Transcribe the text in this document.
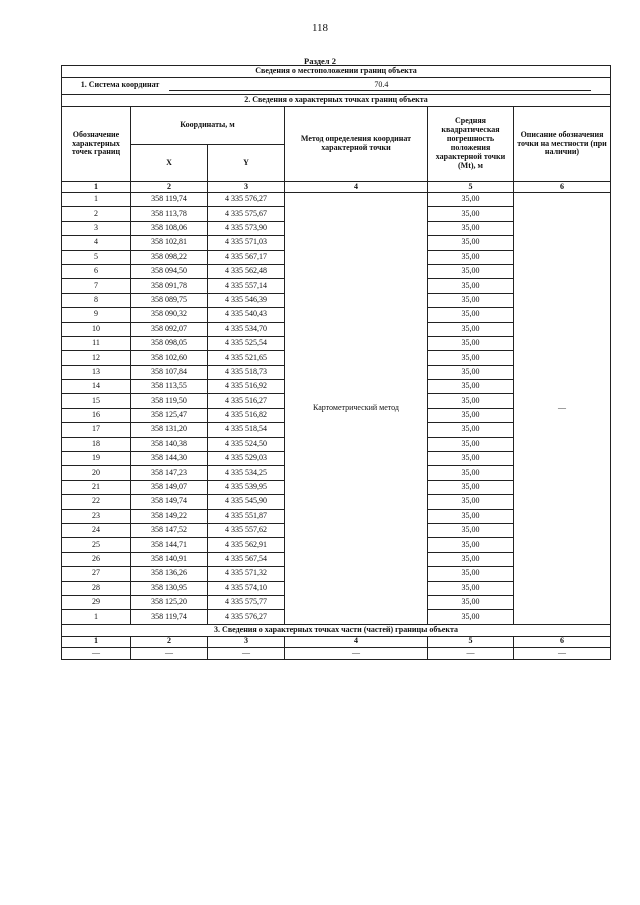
118
Раздел 2
Сведения о местоположении границ объекта					
1. Система координат 70.4					
2. Сведения о характерных точках границ объекта					
Обозначение характерных точек границ	Координаты, м		Метод определения координат характерной точки	Средняя квадратическая погрешность положения характерной точки (Mt), м	Описание обозначения точки на местности (при наличии)
	X	Y			
1	2	3	4	5	6
1	358 119,74	4 335 576,27	Картометрический метод	35,00	—
2	358 113,78	4 335 575,67		35,00	
3	358 108,06	4 335 573,90		35,00	
4	358 102,81	4 335 571,03		35,00	
5	358 098,22	4 335 567,17		35,00	
6	358 094,50	4 335 562,48		35,00	
7	358 091,78	4 335 557,14		35,00	
8	358 089,75	4 335 546,39		35,00	
9	358 090,32	4 335 540,43		35,00	
10	358 092,07	4 335 534,70		35,00	
11	358 098,05	4 335 525,54		35,00	
12	358 102,60	4 335 521,65		35,00	
13	358 107,84	4 335 518,73		35,00	
14	358 113,55	4 335 516,92		35,00	
15	358 119,50	4 335 516,27		35,00	
16	358 125,47	4 335 516,82		35,00	
17	358 131,20	4 335 518,54		35,00	
18	358 140,38	4 335 524,50		35,00	
19	358 144,30	4 335 529,03		35,00	
20	358 147,23	4 335 534,25		35,00	
21	358 149,07	4 335 539,95		35,00	
22	358 149,74	4 335 545,90		35,00	
23	358 149,22	4 335 551,87		35,00	
24	358 147,52	4 335 557,62		35,00	
25	358 144,71	4 335 562,91		35,00	
26	358 140,91	4 335 567,54		35,00	
27	358 136,26	4 335 571,32		35,00	
28	358 130,95	4 335 574,10		35,00	
29	358 125,20	4 335 575,77		35,00	
1	358 119,74	4 335 576,27		35,00	
3. Сведения о характерных точках части (частей) границы объекта					
1	2	3	4	5	6
—	—	—	—	—	—
